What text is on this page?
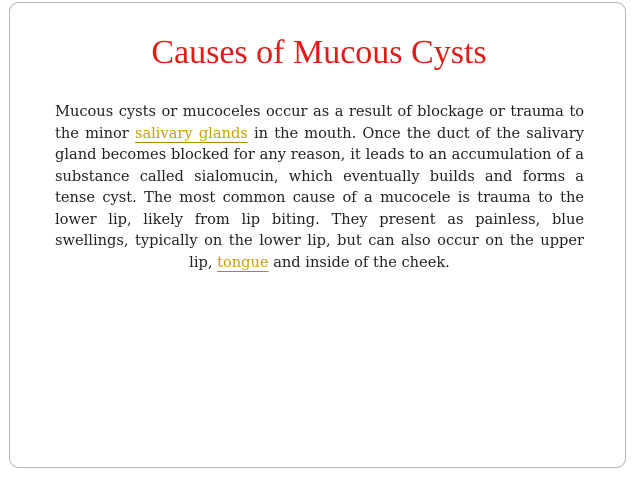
Causes of Mucous Cysts

Mucous cysts or mucoceles occur as a result of blockage or trauma to the minor salivary glands in the mouth. Once the duct of the salivary gland becomes blocked for any reason, it leads to an accumulation of a substance called sialomucin, which eventually builds and forms a tense cyst. The most common cause of a mucocele is trauma to the lower lip, likely from lip biting. They present as painless, blue swellings, typically on the lower lip, but can also occur on the upper lip, tongue and inside of the cheek.
